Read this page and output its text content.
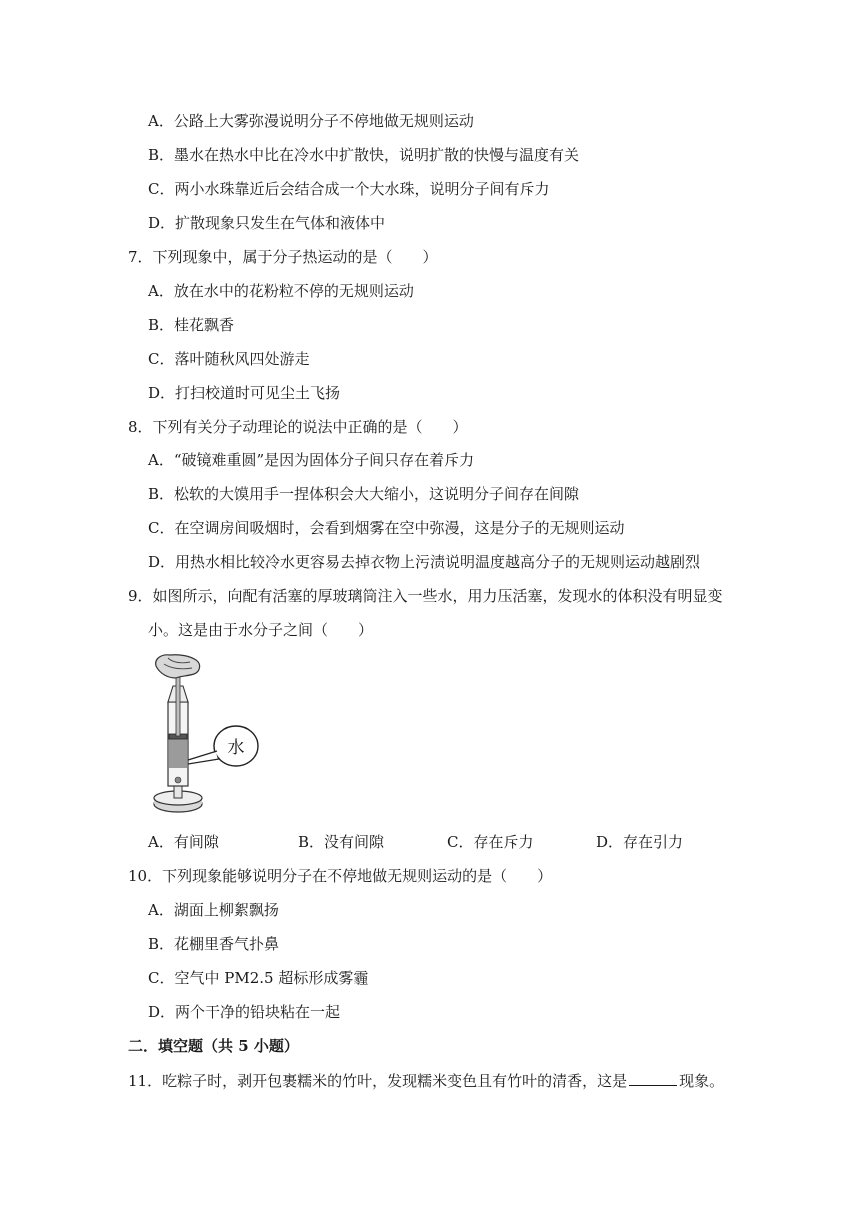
A．公路上大雾弥漫说明分子不停地做无规则运动
B．墨水在热水中比在冷水中扩散快，说明扩散的快慢与温度有关
C．两小水珠靠近后会结合成一个大水珠，说明分子间有斥力
D．扩散现象只发生在气体和液体中
7．下列现象中，属于分子热运动的是（　　）
A．放在水中的花粉粒不停的无规则运动
B．桂花飘香
C．落叶随秋风四处游走
D．打扫校道时可见尘土飞扬
8．下列有关分子动理论的说法中正确的是（　　）
A．“破镜难重圆”是因为固体分子间只存在着斥力
B．松软的大馍用手一捏体积会大大缩小，这说明分子间存在间隙
C．在空调房间吸烟时，会看到烟雾在空中弥漫，这是分子的无规则运动
D．用热水相比较冷水更容易去掉衣物上污渍说明温度越高分子的无规则运动越剧烈
9．如图所示，向配有活塞的厚玻璃筒注入一些水，用力压活塞，发现水的体积没有明显变
小。这是由于水分子之间（　　）
水
A．有间隙	B．没有间隙	C．存在斥力	D．存在引力
10．下列现象能够说明分子在不停地做无规则运动的是（　　）
A．湖面上柳絮飘扬
B．花棚里香气扑鼻
C．空气中 PM2.5 超标形成雾霾
D．两个干净的铅块粘在一起
二．填空题（共 5 小题）
11．吃粽子时，剥开包裹糯米的竹叶，发现糯米变色且有竹叶的清香，这是	现象。
